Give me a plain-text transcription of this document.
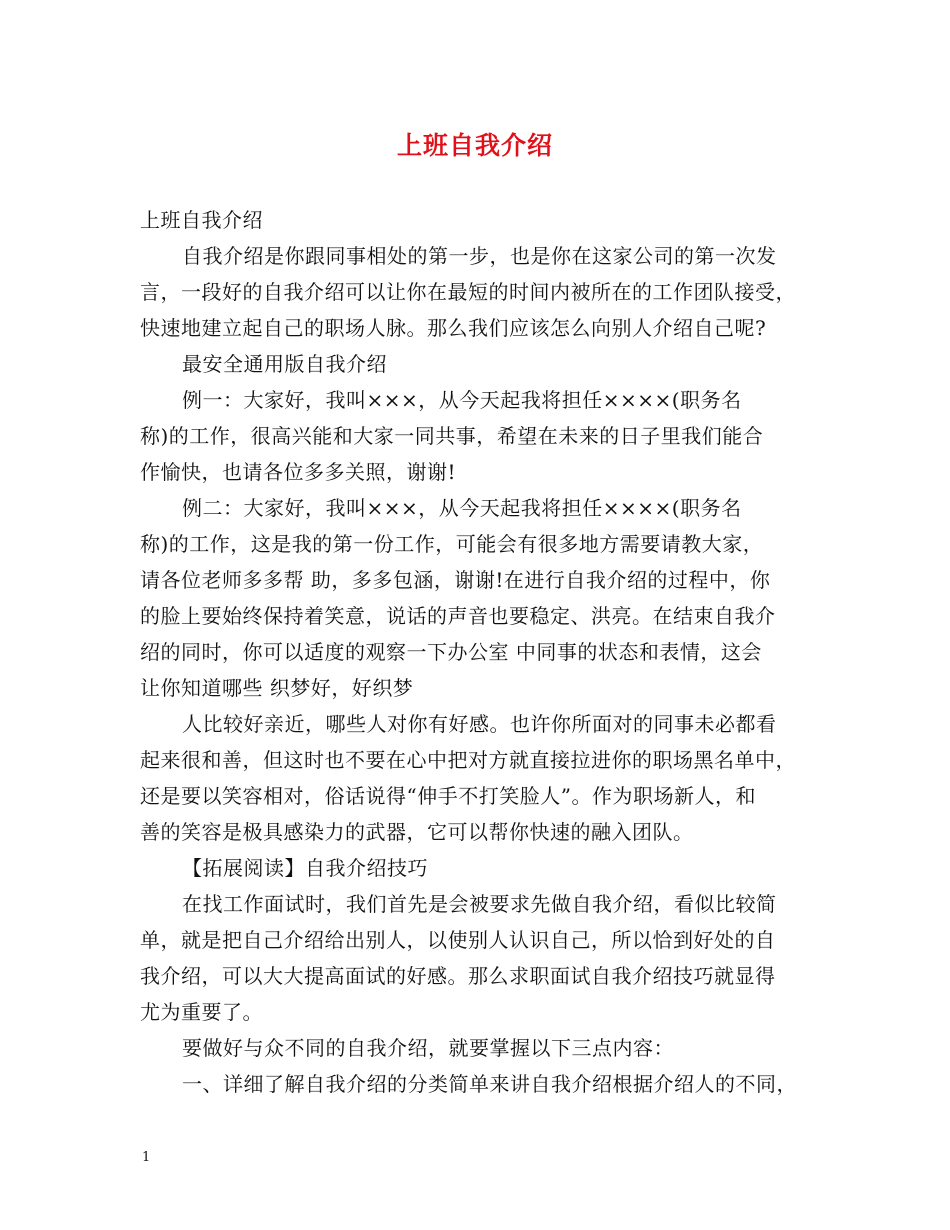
上班自我介绍
上班自我介绍
自我介绍是你跟同事相处的第一步，也是你在这家公司的第一次发
言，一段好的自我介绍可以让你在最短的时间内被所在的工作团队接受，
快速地建立起自己的职场人脉。那么我们应该怎么向别人介绍自己呢?
最安全通用版自我介绍
例一：大家好，我叫×××，从今天起我将担任××××(职务名
称)的工作，很高兴能和大家一同共事，希望在未来的日子里我们能合
作愉快，也请各位多多关照，谢谢!
例二：大家好，我叫×××，从今天起我将担任××××(职务名
称)的工作，这是我的第一份工作，可能会有很多地方需要请教大家，
请各位老师多多帮 助，多多包涵，谢谢!在进行自我介绍的过程中，你
的脸上要始终保持着笑意，说话的声音也要稳定、洪亮。在结束自我介
绍的同时，你可以适度的观察一下办公室 中同事的状态和表情，这会
让你知道哪些 织梦好，好织梦
人比较好亲近，哪些人对你有好感。也许你所面对的同事未必都看
起来很和善，但这时也不要在心中把对方就直接拉进你的职场黑名单中，
还是要以笑容相对，俗话说得“伸手不打笑脸人”。作为职场新人，和
善的笑容是极具感染力的武器，它可以帮你快速的融入团队。
【拓展阅读】自我介绍技巧
在找工作面试时，我们首先是会被要求先做自我介绍，看似比较简
单，就是把自己介绍给出别人，以使别人认识自己，所以恰到好处的自
我介绍，可以大大提高面试的好感。那么求职面试自我介绍技巧就显得
尤为重要了。
要做好与众不同的自我介绍，就要掌握以下三点内容：
一、详细了解自我介绍的分类简单来讲自我介绍根据介绍人的不同，
1
